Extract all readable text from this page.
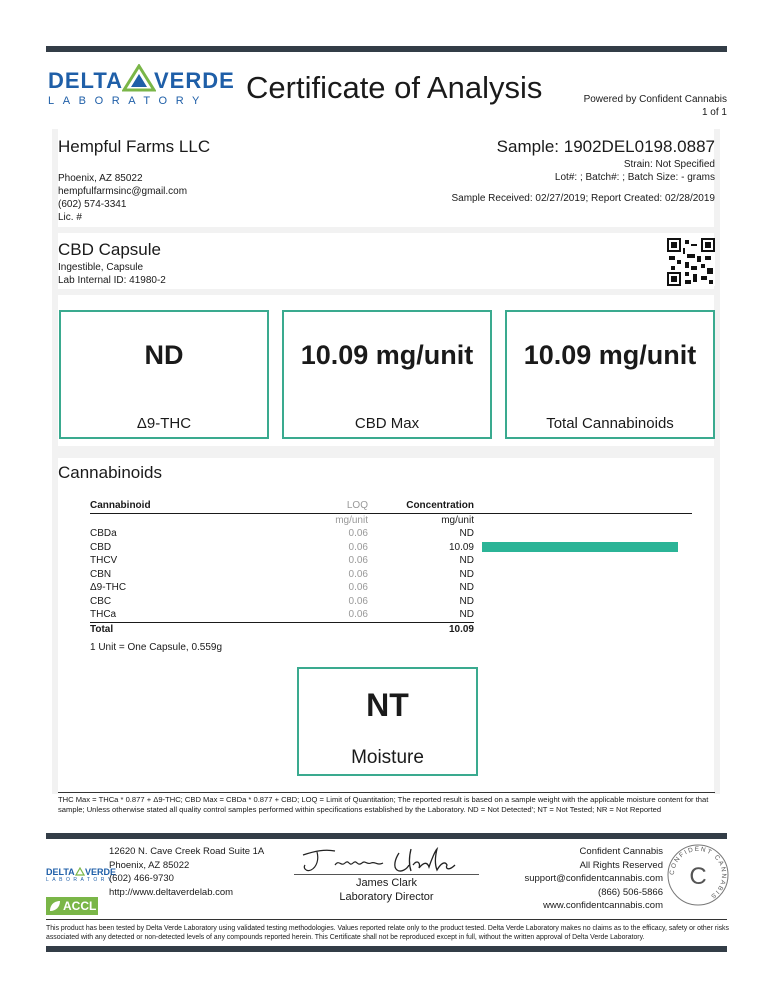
DELTA VERDE
LABORATORY Certificate of Analysis	Powered by Confident Cannabis
1 of 1
Hempful Farms LLC
Phoenix, AZ 85022
hempfulfarmsinc@gmail.com
(602) 574-3341
Lic. #
Sample: 1902DEL0198.0887
Strain: Not Specified
Lot#: ; Batch#: ; Batch Size: - grams
Sample Received: 02/27/2019; Report Created: 02/28/2019
CBD Capsule
Ingestible, Capsule
Lab Internal ID: 41980-2
ND
Δ9-THC
10.09 mg/unit
CBD Max
10.09 mg/unit
Total Cannabinoids
Cannabinoids
Cannabinoid	LOQ	Concentration	
	mg/unit	mg/unit	
CBDa	0.06	ND	

CBD	0.06	10.09	

THCV	0.06	ND	

CBN	0.06	ND	

Δ9-THC	0.06	ND	

CBC	0.06	ND	

THCa	0.06	ND	

Total		10.09	
1 Unit = One Capsule, 0.559g
NT
Moisture
THC Max = THCa * 0.877 + Δ9-THC; CBD Max = CBDa * 0.877 + CBD; LOQ = Limit of Quantitation; The reported result is based on a sample weight with the applicable moisture content for that sample; Unless otherwise stated all quality control samples performed within specifications established by the Laboratory. ND = Not Detected'; NT = Not Tested; NR = Not Reported
DELTA VERDE
LABORATORY
ACCL
12620 N. Cave Creek Road Suite 1A
Phoenix, AZ 85022
(602) 466-9730
http://www.deltaverdelab.com
James Clark
Laboratory Director
Confident Cannabis
All Rights Reserved
support@confidentcannabis.com
(866) 506-5866
www.confidentcannabis.com
CONFIDENT CANNABIS
C
This product has been tested by Delta Verde Laboratory using validated testing methodologies. Values reported relate only to the product tested. Delta Verde Laboratory makes no claims as to the efficacy, safety or other risks associated with any detected or non-detected levels of any compounds reported herein. This Certificate shall not be reproduced except in full, without the written approval of Delta Verde Laboratory.
